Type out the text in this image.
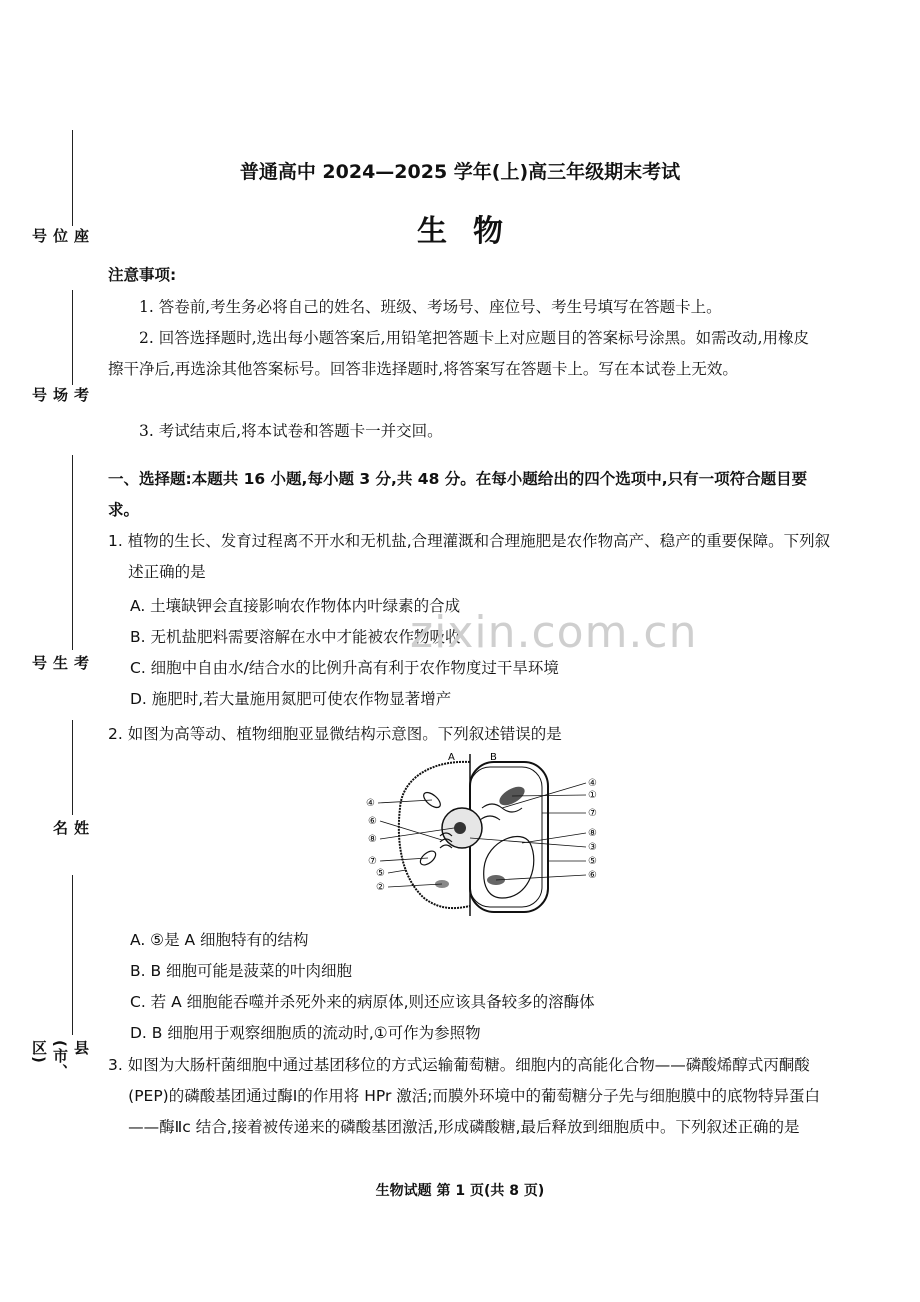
座位号
考场号
考生号
姓名
县(市、区)
普通高中 2024—2025 学年(上)高三年级期末考试
生物
注意事项:
1. 答卷前,考生务必将自己的姓名、班级、考场号、座位号、考生号填写在答题卡上。
2. 回答选择题时,选出每小题答案后,用铅笔把答题卡上对应题目的答案标号涂黑。如需改动,用橡皮擦干净后,再选涂其他答案标号。回答非选择题时,将答案写在答题卡上。写在本试卷上无效。
3. 考试结束后,将本试卷和答题卡一并交回。
一、选择题:本题共 16 小题,每小题 3 分,共 48 分。在每小题给出的四个选项中,只有一项符合题目要求。
1. 植物的生长、发育过程离不开水和无机盐,合理灌溉和合理施肥是农作物高产、稳产的重要保障。下列叙述正确的是
A. 土壤缺钾会直接影响农作物体内叶绿素的合成
B. 无机盐肥料需要溶解在水中才能被农作物吸收
C. 细胞中自由水/结合水的比例升高有利于农作物度过干旱环境
D. 施肥时,若大量施用氮肥可使农作物显著增产
zixin.com.cn
2. 如图为高等动、植物细胞亚显微结构示意图。下列叙述错误的是
A	B
④
⑥
⑧
⑦
⑤
②
④
①
⑦
⑧
③
⑤
⑥
A. ⑤是 A 细胞特有的结构
B. B 细胞可能是菠菜的叶肉细胞
C. 若 A 细胞能吞噬并杀死外来的病原体,则还应该具备较多的溶酶体
D. B 细胞用于观察细胞质的流动时,①可作为参照物
3. 如图为大肠杆菌细胞中通过基团移位的方式运输葡萄糖。细胞内的高能化合物——磷酸烯醇式丙酮酸(PEP)的磷酸基团通过酶Ⅰ的作用将 HPr 激活;而膜外环境中的葡萄糖分子先与细胞膜中的底物特异蛋白——酶Ⅱc 结合,接着被传递来的磷酸基团激活,形成磷酸糖,最后释放到细胞质中。下列叙述正确的是
生物试题 第 1 页(共 8 页)
